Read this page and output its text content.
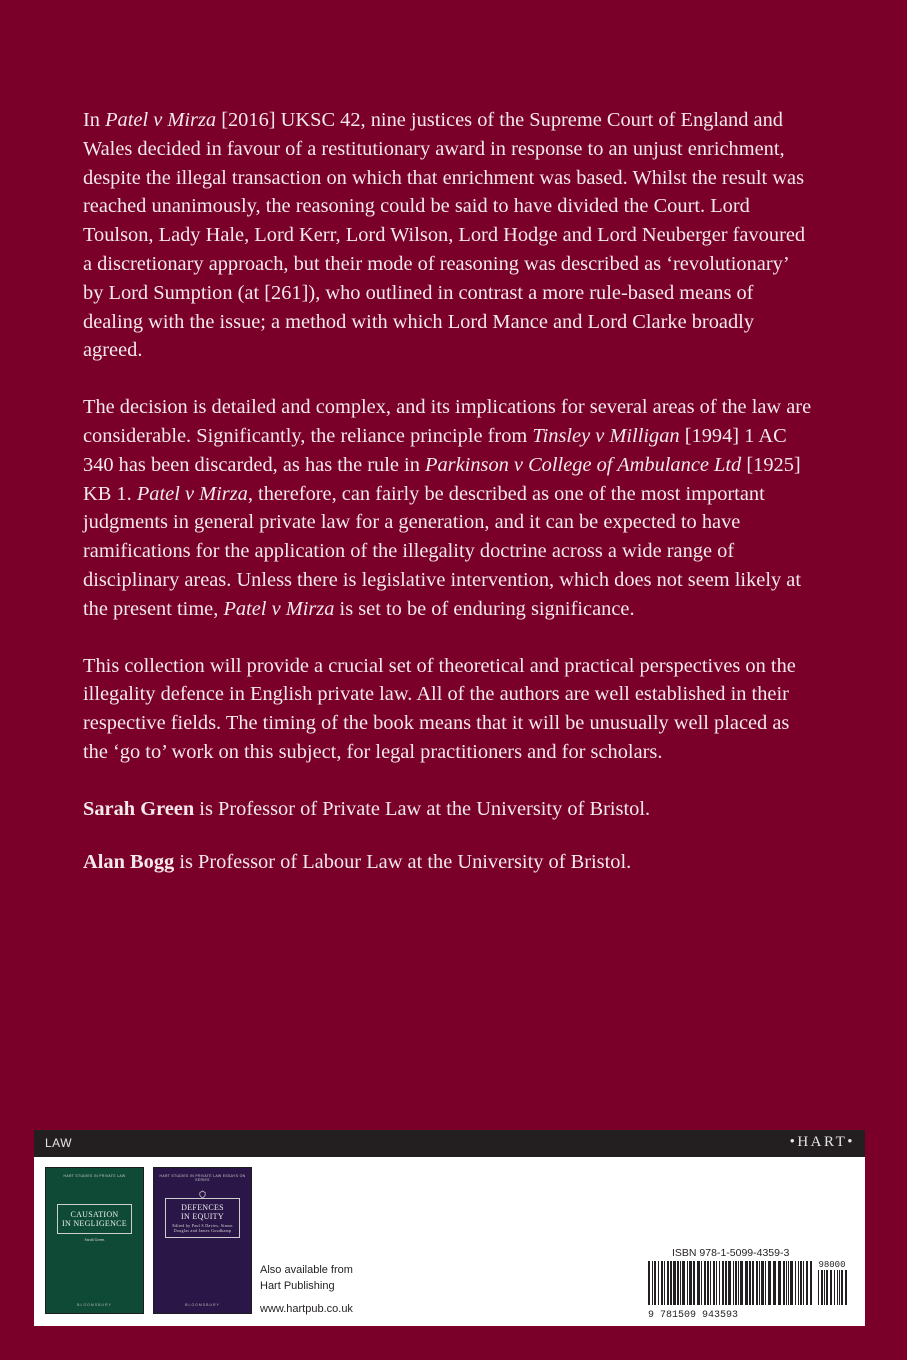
In Patel v Mirza [2016] UKSC 42, nine justices of the Supreme Court of England and Wales decided in favour of a restitutionary award in response to an unjust enrichment, despite the illegal transaction on which that enrichment was based. Whilst the result was reached unanimously, the reasoning could be said to have divided the Court. Lord Toulson, Lady Hale, Lord Kerr, Lord Wilson, Lord Hodge and Lord Neuberger favoured a discretionary approach, but their mode of reasoning was described as ‘revolutionary’ by Lord Sumption (at [261]), who outlined in contrast a more rule-based means of dealing with the issue; a method with which Lord Mance and Lord Clarke broadly agreed.

The decision is detailed and complex, and its implications for several areas of the law are considerable. Significantly, the reliance principle from Tinsley v Milligan [1994] 1 AC 340 has been discarded, as has the rule in Parkinson v College of Ambulance Ltd [1925] KB 1. Patel v Mirza, therefore, can fairly be described as one of the most important judgments in general private law for a generation, and it can be expected to have ramifications for the application of the illegality doctrine across a wide range of disciplinary areas. Unless there is legislative intervention, which does not seem likely at the present time, Patel v Mirza is set to be of enduring significance.

This collection will provide a crucial set of theoretical and practical perspectives on the illegality defence in English private law. All of the authors are well established in their respective fields. The timing of the book means that it will be unusually well placed as the ‘go to’ work on this subject, for legal practitioners and for scholars.

Sarah Green is Professor of Private Law at the University of Bristol.

Alan Bogg is Professor of Labour Law at the University of Bristol.

LAW	•HART•
HART STUDIES IN PRIVATE LAW
CAUSATION
IN NEGLIGENCE
Sarah Green
BLOOMSBURY
HART STUDIES IN PRIVATE LAW ESSAYS ON SERIES
DEFENCES
IN EQUITY
Edited by Paul S Davies, Simon Douglas and James Goudkamp
BLOOMSBURY
Also available from
Hart Publishing
www.hartpub.co.uk
ISBN 978-1-5099-4359-3
9 781509 943593
98000
